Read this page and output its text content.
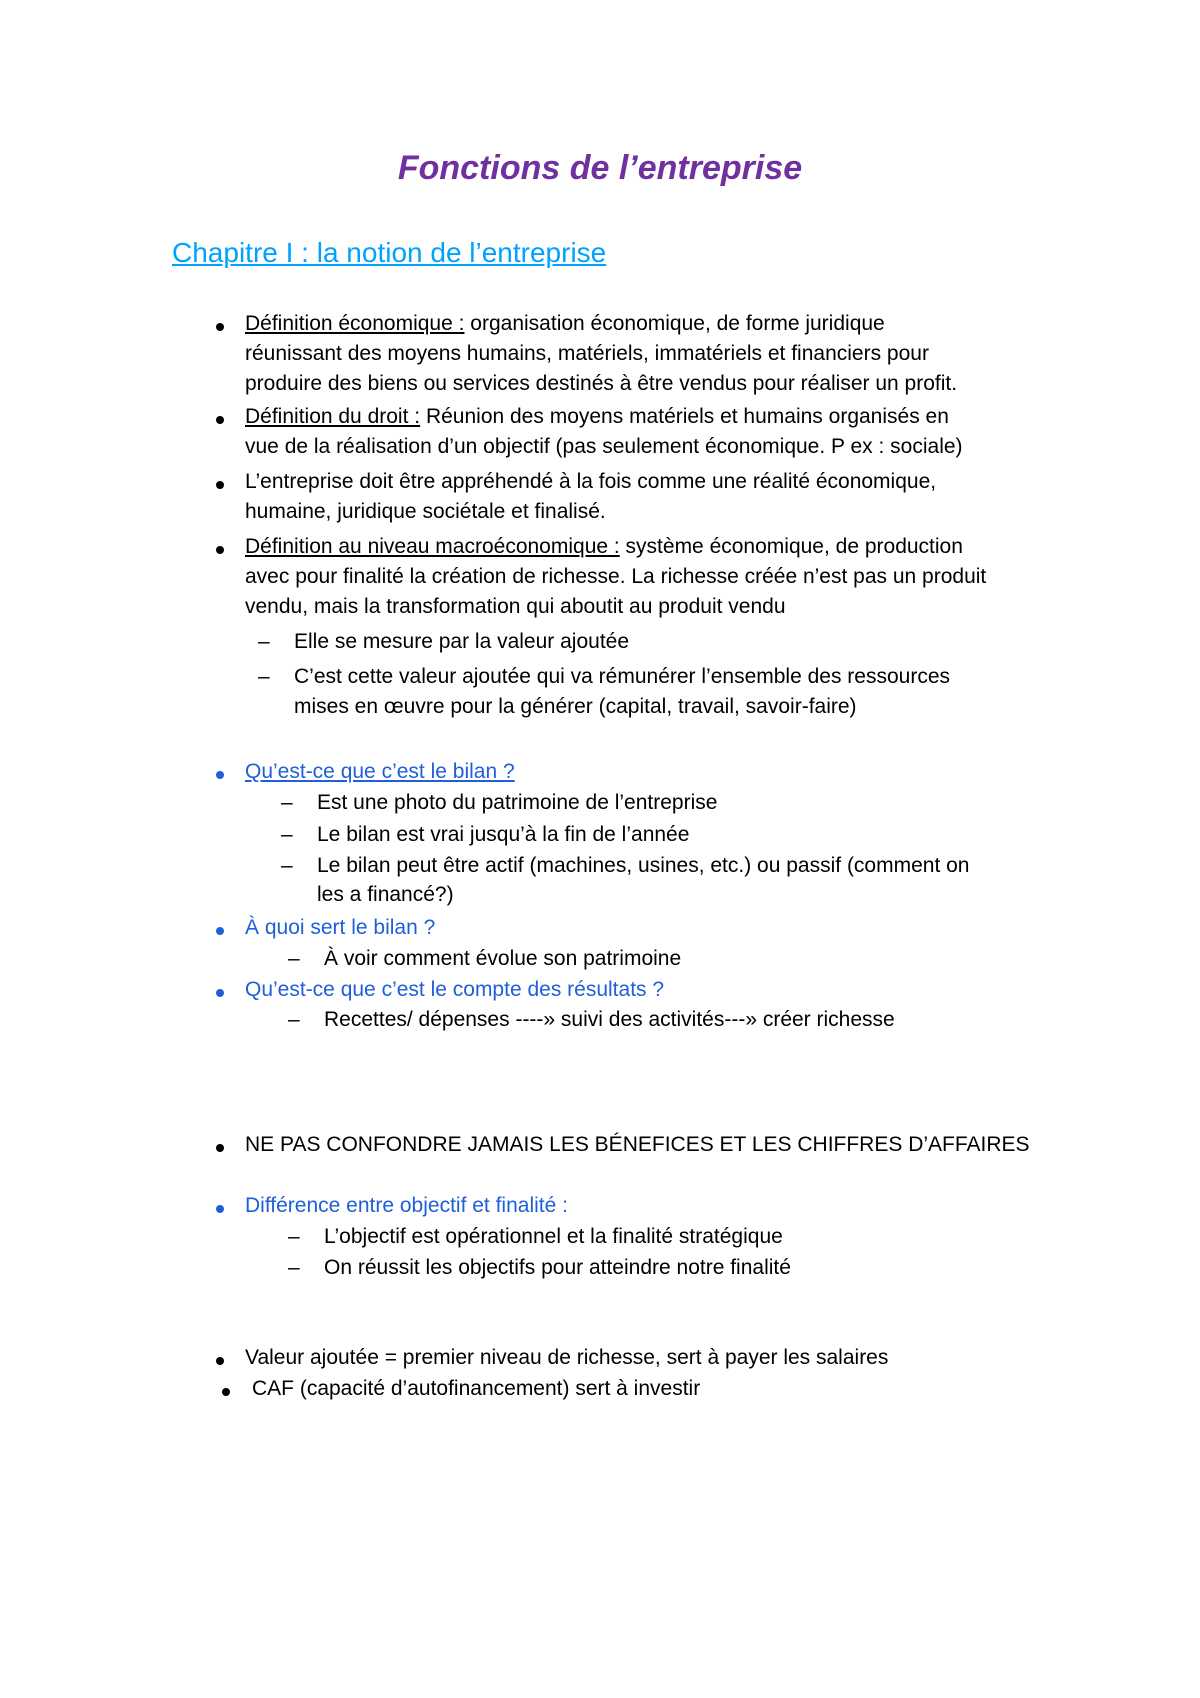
Fonctions de l’entreprise
Chapitre I : la notion de l’entreprise
Définition économique : organisation économique, de forme juridique
réunissant des moyens humains, matériels, immatériels et financiers pour
produire des biens ou services destinés à être vendus pour réaliser un profit.
Définition du droit : Réunion des moyens matériels et humains organisés en
vue de la réalisation d’un objectif (pas seulement économique. P ex : sociale)
L’entreprise doit être appréhendé à la fois comme une réalité économique,
humaine, juridique sociétale et finalisé.
Définition au niveau macroéconomique : système économique, de production
avec pour finalité la création de richesse. La richesse créée n’est pas un produit
vendu, mais la transformation qui aboutit au produit vendu
– Elle se mesure par la valeur ajoutée
– C’est cette valeur ajoutée qui va rémunérer l’ensemble des ressources
mises en œuvre pour la générer (capital, travail, savoir-faire)
Qu’est-ce que c’est le bilan ?
– Est une photo du patrimoine de l’entreprise
– Le bilan est vrai jusqu’à la fin de l’année
– Le bilan peut être actif (machines, usines, etc.) ou passif (comment on
les a financé?)
À quoi sert le bilan ?
– À voir comment évolue son patrimoine
Qu’est-ce que c’est le compte des résultats ?
– Recettes/ dépenses ----» suivi des activités---» créer richesse
NE PAS CONFONDRE JAMAIS LES BÉNEFICES ET LES CHIFFRES D’AFFAIRES
Différence entre objectif et finalité :
– L’objectif est opérationnel et la finalité stratégique
– On réussit les objectifs pour atteindre notre finalité
Valeur ajoutée = premier niveau de richesse, sert à payer les salaires
CAF (capacité d’autofinancement) sert à investir
